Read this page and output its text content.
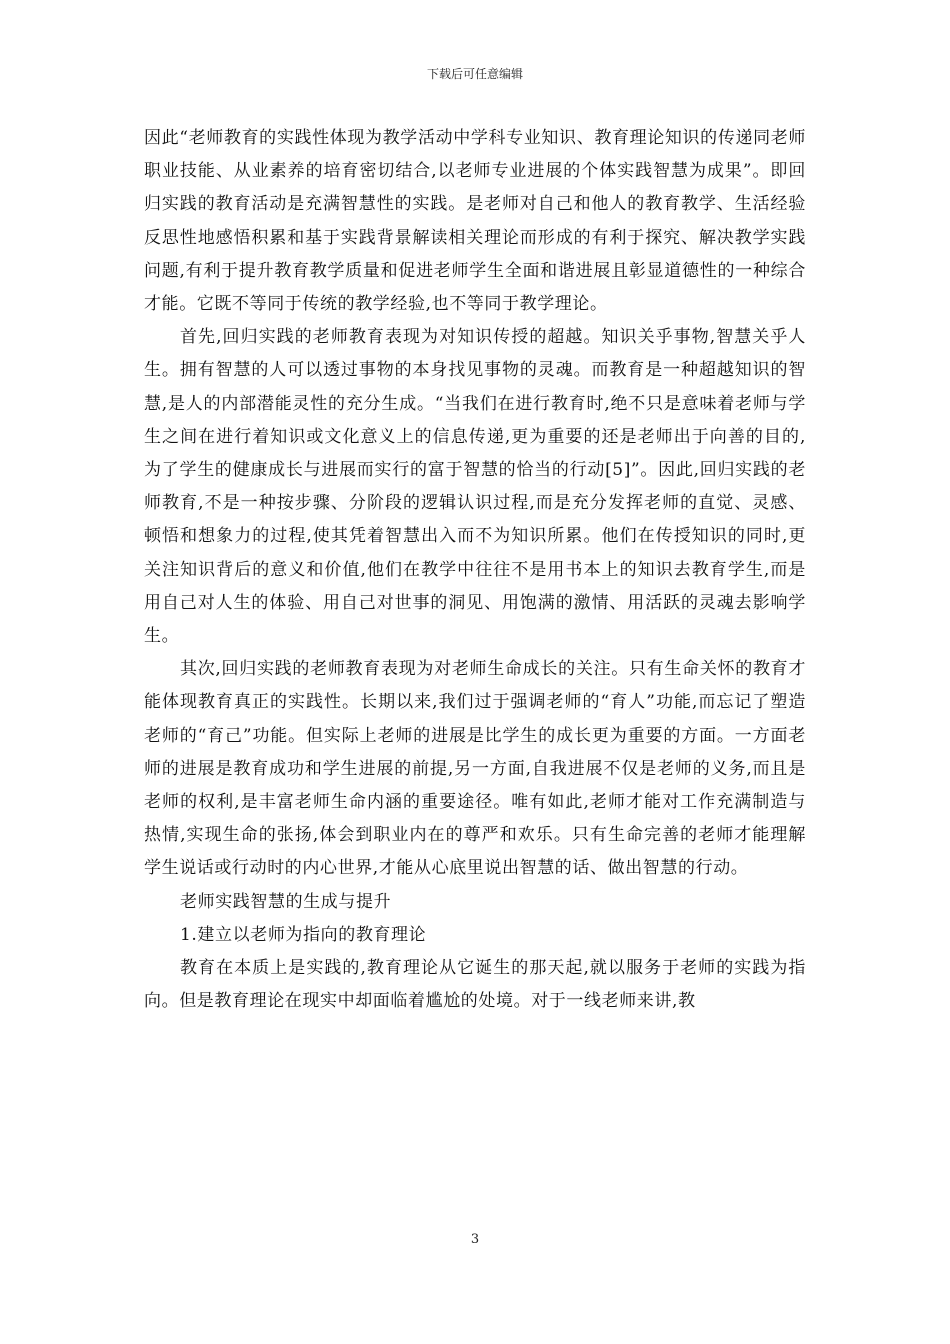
下载后可任意编辑

因此“老师教育的实践性体现为教学活动中学科专业知识、教育理论知识的传递同老师职业技能、从业素养的培育密切结合,以老师专业进展的个体实践智慧为成果”。即回归实践的教育活动是充满智慧性的实践。是老师对自己和他人的教育教学、生活经验反思性地感悟积累和基于实践背景解读相关理论而形成的有利于探究、解决教学实践问题,有利于提升教育教学质量和促进老师学生全面和谐进展且彰显道德性的一种综合才能。它既不等同于传统的教学经验,也不等同于教学理论。

首先,回归实践的老师教育表现为对知识传授的超越。知识关乎事物,智慧关乎人生。拥有智慧的人可以透过事物的本身找见事物的灵魂。而教育是一种超越知识的智慧,是人的内部潜能灵性的充分生成。“当我们在进行教育时,绝不只是意味着老师与学生之间在进行着知识或文化意义上的信息传递,更为重要的还是老师出于向善的目的,为了学生的健康成长与进展而实行的富于智慧的恰当的行动[5]”。因此,回归实践的老师教育,不是一种按步骤、分阶段的逻辑认识过程,而是充分发挥老师的直觉、灵感、顿悟和想象力的过程,使其凭着智慧出入而不为知识所累。他们在传授知识的同时,更关注知识背后的意义和价值,他们在教学中往往不是用书本上的知识去教育学生,而是用自己对人生的体验、用自己对世事的洞见、用饱满的激情、用活跃的灵魂去影响学生。

其次,回归实践的老师教育表现为对老师生命成长的关注。只有生命关怀的教育才能体现教育真正的实践性。长期以来,我们过于强调老师的“育人”功能,而忘记了塑造老师的“育己”功能。但实际上老师的进展是比学生的成长更为重要的方面。一方面老师的进展是教育成功和学生进展的前提,另一方面,自我进展不仅是老师的义务,而且是老师的权利,是丰富老师生命内涵的重要途径。唯有如此,老师才能对工作充满制造与热情,实现生命的张扬,体会到职业内在的尊严和欢乐。只有生命完善的老师才能理解学生说话或行动时的内心世界,才能从心底里说出智慧的话、做出智慧的行动。

老师实践智慧的生成与提升

1.建立以老师为指向的教育理论

教育在本质上是实践的,教育理论从它诞生的那天起,就以服务于老师的实践为指向。但是教育理论在现实中却面临着尴尬的处境。对于一线老师来讲,教

3
